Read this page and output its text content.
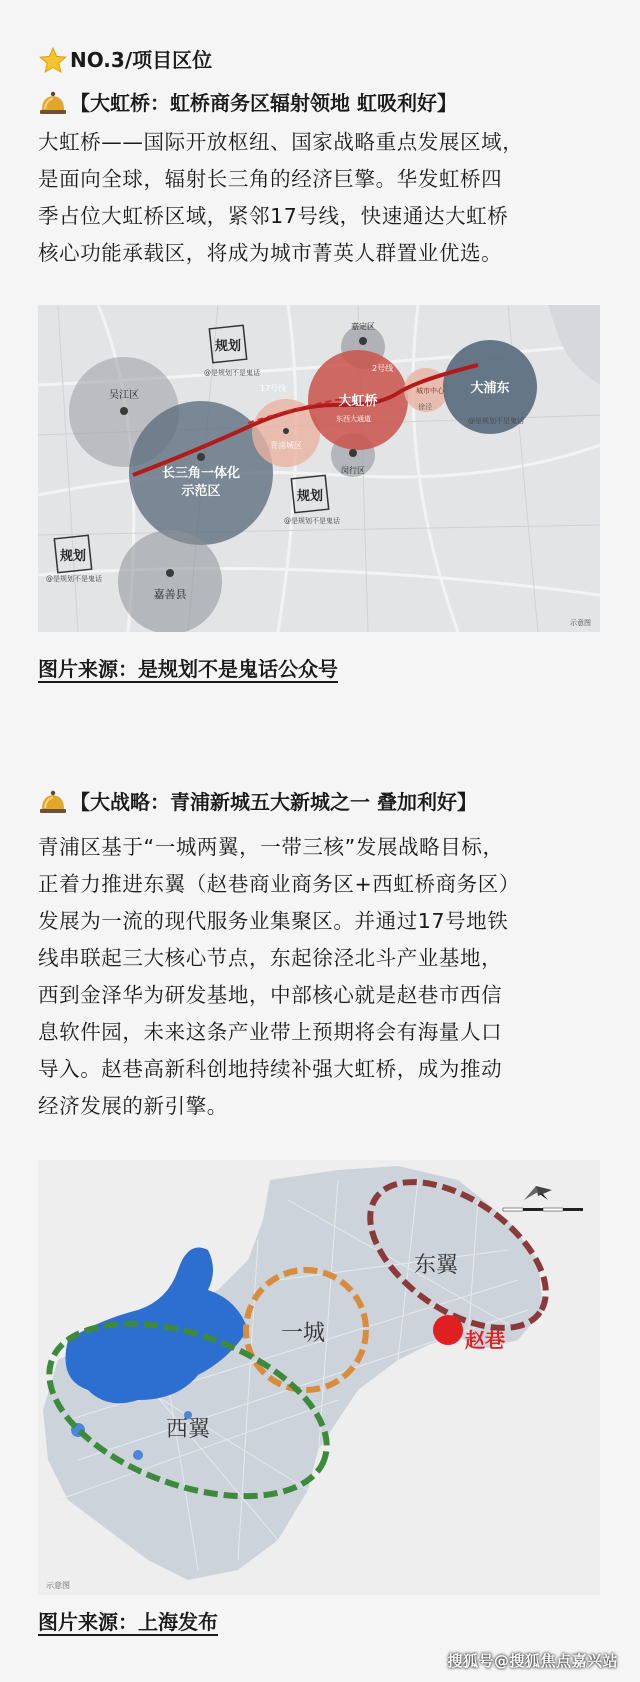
NO.3/项目区位
【大虹桥：虹桥商务区辐射领地 虹吸利好】
大虹桥——国际开放枢纽、国家战略重点发展区域，
是面向全球，辐射长三角的经济巨擎。华发虹桥四
季占位大虹桥区域，紧邻17号线，快速通达大虹桥
核心功能承载区，将成为城市菁英人群置业优选。
图片来源：是规划不是鬼话公众号
【大战略：青浦新城五大新城之一 叠加利好】
青浦区基于“一城两翼，一带三核”发展战略目标，
正着力推进东翼（赵巷商业商务区+西虹桥商务区）
发展为一流的现代服务业集聚区。并通过17号地铁
线串联起三大核心节点，东起徐泾北斗产业基地，
西到金泽华为研发基地，中部核心就是赵巷市西信
息软件园，未来这条产业带上预期将会有海量人口
导入。赵巷高新科创地持续补强大虹桥，成为推动
经济发展的新引擎。
图片来源：上海发布
吴江区
嘉善县
嘉定区
闵行区
青浦城区
17号线
2号线
东西大通道
城市中心
徐泾
长三角一体化
示范区
大虹桥
大浦东
规划
规划
规划
@是规划不是鬼话
@是规划不是鬼话
@是规划不是鬼话
@是规划不是鬼话
示意图
东翼
一城
西翼
赵巷
示意图
搜狐号@搜狐焦点嘉兴站
